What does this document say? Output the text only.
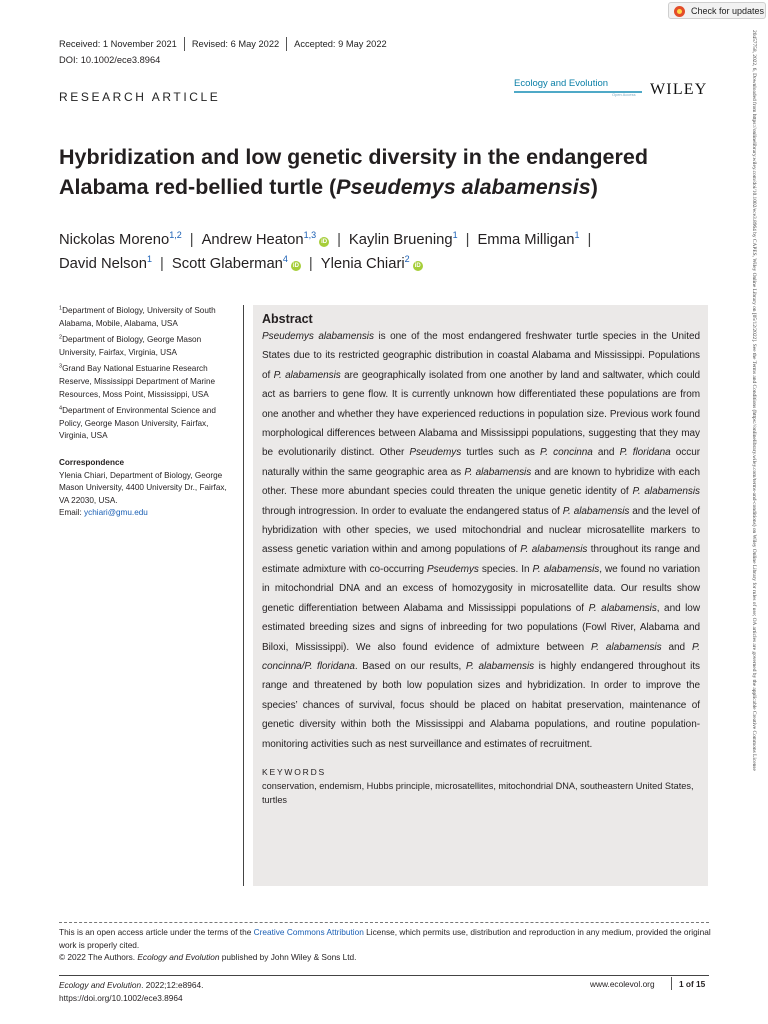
20457758, 2022, 6, Downloaded from https://onlinelibrary.wiley.com/doi/10.1002/ece3.8964 by CAPES, Wiley Online Library on [05/12/2022]. See the Terms and Conditions (https://onlinelibrary.wiley.com/terms-and-conditions) on Wiley Online Library for rules of use; OA articles are governed by the applicable Creative Commons License
Check for updates
Received: 1 November 2021 Revised: 6 May 2022 Accepted: 9 May 2022
DOI: 10.1002/ece3.8964
RESEARCH ARTICLE
Ecology and Evolution
Open Access WILEY
Hybridization and low genetic diversity in the endangered Alabama red-bellied turtle (Pseudemys alabamensis)
Nickolas Moreno$^{1,2}$ | Andrew Heaton$^{1,3}$iD | Kaylin Bruening$^1$ | Emma Milligan$^1$ |
David Nelson$^1$ | Scott Glaberman$^4$iD | Ylenia Chiari$^2$iD

$^1$Department of Biology, University of South Alabama, Mobile, Alabama, USA

$^2$Department of Biology, George Mason University, Fairfax, Virginia, USA

$^3$Grand Bay National Estuarine Research Reserve, Mississippi Department of Marine Resources, Moss Point, Mississippi, USA

$^4$Department of Environmental Science and Policy, George Mason University, Fairfax, Virginia, USA

Correspondence

Ylenia Chiari, Department of Biology, George Mason University, 4400 University Dr., Fairfax, VA 22030, USA.
Email: ychiari@gmu.edu

Abstract

Pseudemys alabamensis is one of the most endangered freshwater turtle species in the United States due to its restricted geographic distribution in coastal Alabama and Mississippi. Populations of P. alabamensis are geographically isolated from one another by land and saltwater, which could act as barriers to gene flow. It is currently unknown how differentiated these populations are from one another and whether they have experienced reductions in population size. Previous work found morphological differences between Alabama and Mississippi populations, suggesting that they may be evolutionarily distinct. Other Pseudemys turtles such as P. concinna and P. floridana occur naturally within the same geographic area as P. alabamensis and are known to hybridize with each other. These more abundant species could threaten the unique genetic identity of P. alabamensis through introgression. In order to evaluate the endangered status of P. alabamensis and the level of hybridization with other species, we used mitochondrial and nuclear microsatellite markers to assess genetic variation within and among populations of P. alabamensis throughout its range and estimate admixture with co-occurring Pseudemys species. In P. alabamensis, we found no variation in mitochondrial DNA and an excess of homozygosity in microsatellite data. Our results show genetic differentiation between Alabama and Mississippi populations of P. alabamensis, and low estimated breeding sizes and signs of inbreeding for two populations (Fowl River, Alabama and Biloxi, Mississippi). We also found evidence of admixture between P. alabamensis and P. concinna/P. floridana. Based on our results, P. alabamensis is highly endangered throughout its range and threatened by both low population sizes and hybridization. In order to improve the species’ chances of survival, focus should be placed on habitat preservation, maintenance of genetic diversity within both the Mississippi and Alabama populations, and routine population-monitoring activities such as nest surveillance and estimates of recruitment.

KEYWORDS
conservation, endemism, Hubbs principle, microsatellites, mitochondrial DNA, southeastern United States, turtles
This is an open access article under the terms of the Creative Commons Attribution License, which permits use, distribution and reproduction in any medium, provided the original work is properly cited.
© 2022 The Authors. Ecology and Evolution published by John Wiley & Sons Ltd.
Ecology and Evolution. 2022;12:e8964.
https://doi.org/10.1002/ece3.8964
www.ecolevol.org	1 of 15
